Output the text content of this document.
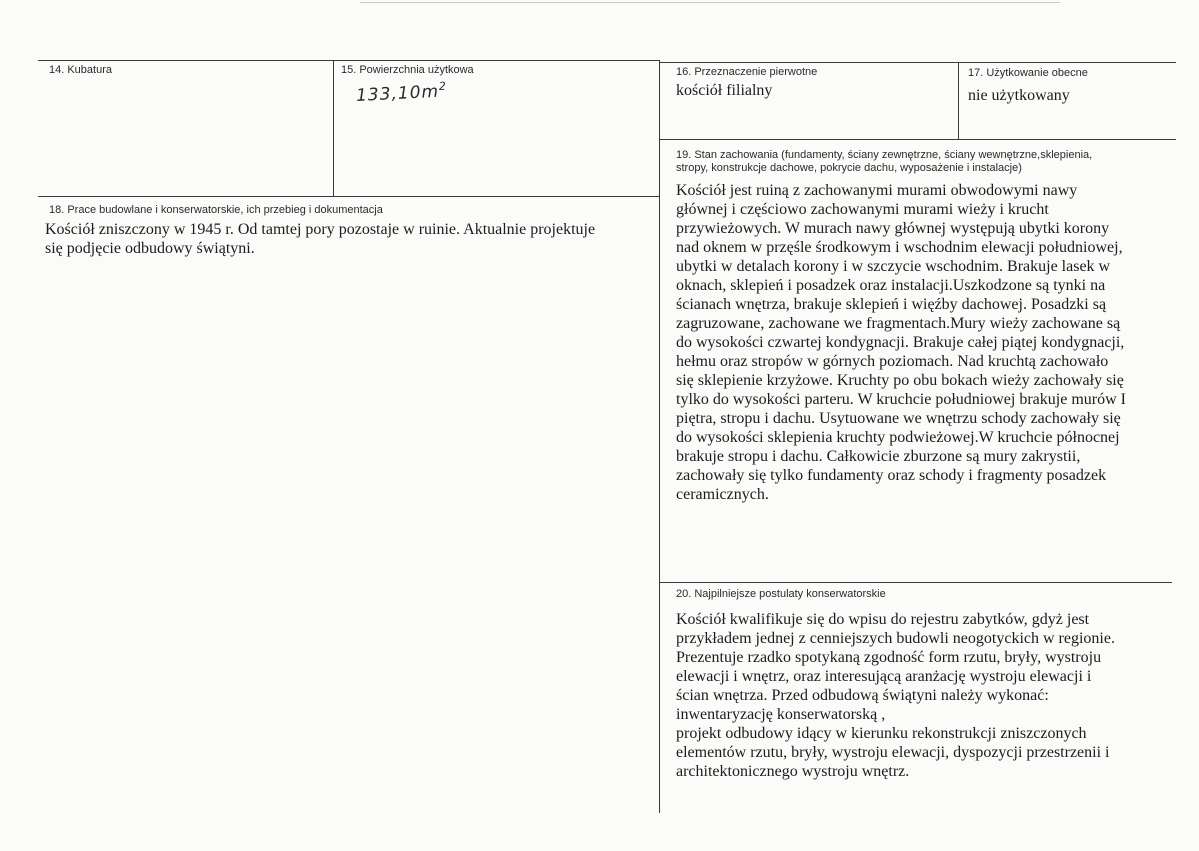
14. Kubatura	15. Powierzchnia użytkowa
$133,10m^2$
16. Przeznaczenie pierwotne
kościół filialny
17. Użytkowanie obecne
nie użytkowany
19. Stan zachowania (fundamenty, ściany zewnętrzne, ściany wewnętrzne,sklepienia,
stropy, konstrukcje dachowe, pokrycie dachu, wyposażenie i instalacje)
Kościół jest ruiną z zachowanymi murami obwodowymi nawy
głównej i częściowo zachowanymi murami wieży i krucht
przywieżowych. W murach nawy głównej występują ubytki korony
nad oknem w przęśle środkowym i wschodnim elewacji południowej,
ubytki w detalach korony i w szczycie wschodnim. Brakuje lasek w
oknach, sklepień i posadzek oraz instalacji.Uszkodzone są tynki na
ścianach wnętrza, brakuje sklepień i więźby dachowej. Posadzki są
zagruzowane, zachowane we fragmentach.Mury wieży zachowane są
do wysokości czwartej kondygnacji. Brakuje całej piątej kondygnacji,
hełmu oraz stropów w górnych poziomach. Nad kruchtą zachowało
się sklepienie krzyżowe. Kruchty po obu bokach wieży zachowały się
tylko do wysokości parteru. W kruchcie południowej brakuje murów I
piętra, stropu i dachu. Usytuowane we wnętrzu schody zachowały się
do wysokości sklepienia kruchty podwieżowej.W kruchcie północnej
brakuje stropu i dachu. Całkowicie zburzone są mury zakrystii,
zachowały się tylko fundamenty oraz schody i fragmenty posadzek
ceramicznych.
18. Prace budowlane i konserwatorskie, ich przebieg i dokumentacja
Kościół zniszczony w 1945 r. Od tamtej pory pozostaje w ruinie. Aktualnie projektuje
się podjęcie odbudowy świątyni.
20. Najpilniejsze postulaty konserwatorskie
Kościół kwalifikuje się do wpisu do rejestru zabytków, gdyż jest
przykładem jednej z cenniejszych budowli neogotyckich w regionie.
Prezentuje rzadko spotykaną zgodność form rzutu, bryły, wystroju
elewacji i wnętrz, oraz interesującą aranżację wystroju elewacji i
ścian wnętrza. Przed odbudową świątyni należy wykonać:
inwentaryzację konserwatorską ,
projekt odbudowy idący w kierunku rekonstrukcji zniszczonych
elementów rzutu, bryły, wystroju elewacji, dyspozycji przestrzenii i
architektonicznego wystroju wnętrz.
